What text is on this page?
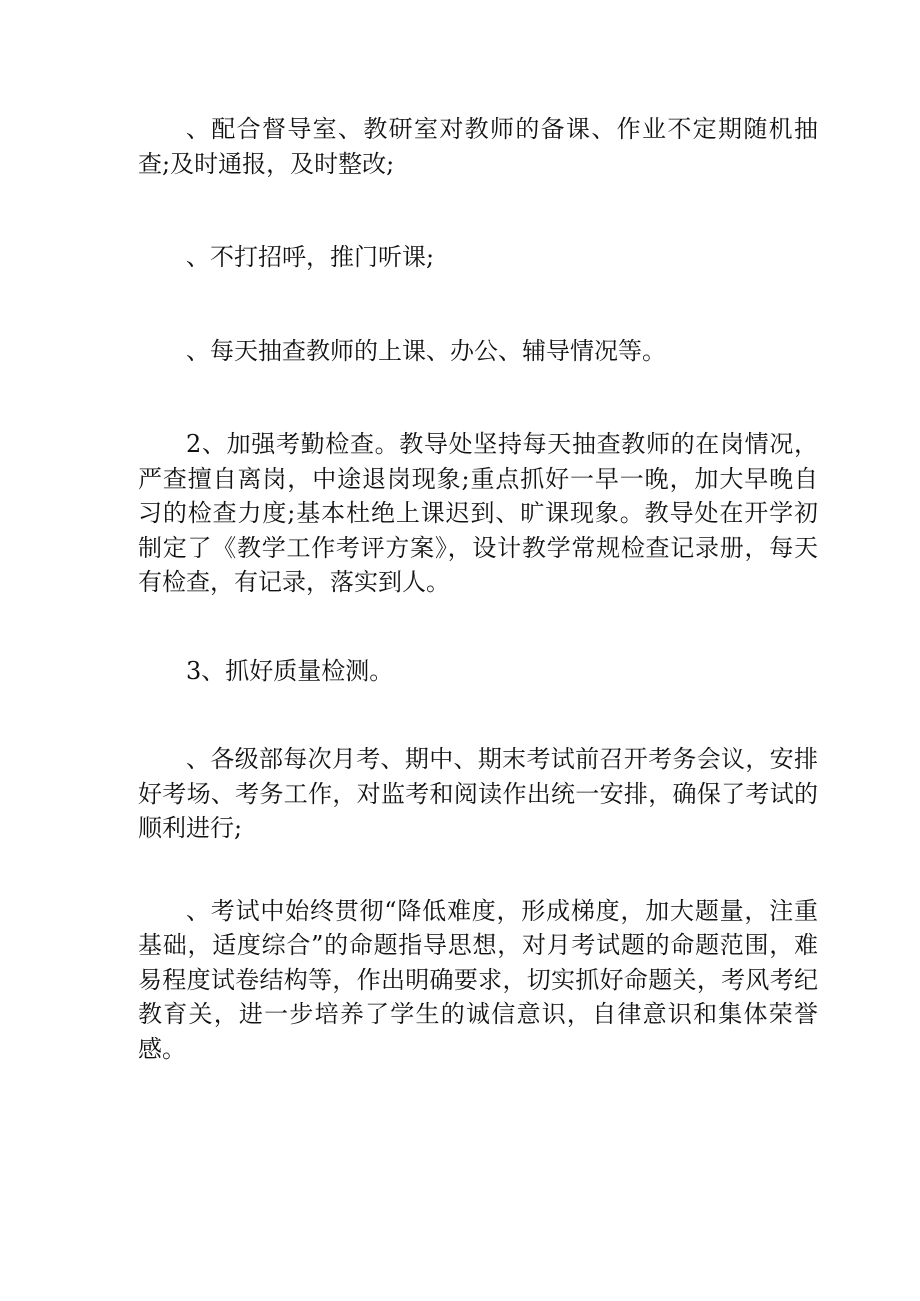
、配合督导室、教研室对教师的备课、作业不定期随机抽查;及时通报，及时整改;

、不打招呼，推门听课;

、每天抽查教师的上课、办公、辅导情况等。

2、加强考勤检查。教导处坚持每天抽查教师的在岗情况，严查擅自离岗，中途退岗现象;重点抓好一早一晚，加大早晚自习的检查力度;基本杜绝上课迟到、旷课现象。教导处在开学初制定了《教学工作考评方案》，设计教学常规检查记录册，每天有检查，有记录，落实到人。

3、抓好质量检测。

、各级部每次月考、期中、期末考试前召开考务会议，安排好考场、考务工作，对监考和阅读作出统一安排，确保了考试的顺利进行;

、考试中始终贯彻“降低难度，形成梯度，加大题量，注重基础，适度综合”的命题指导思想，对月考试题的命题范围，难易程度试卷结构等，作出明确要求，切实抓好命题关，考风考纪教育关，进一步培养了学生的诚信意识，自律意识和集体荣誉感。
